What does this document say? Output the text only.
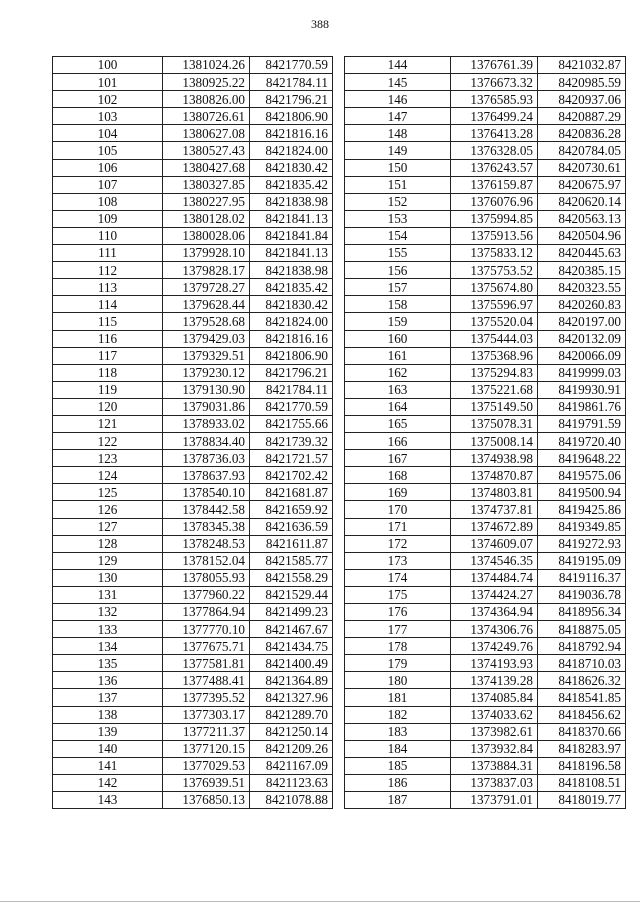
388
100	1381024.26	8421770.59
101	1380925.22	8421784.11
102	1380826.00	8421796.21
103	1380726.61	8421806.90
104	1380627.08	8421816.16
105	1380527.43	8421824.00
106	1380427.68	8421830.42
107	1380327.85	8421835.42
108	1380227.95	8421838.98
109	1380128.02	8421841.13
110	1380028.06	8421841.84
111	1379928.10	8421841.13
112	1379828.17	8421838.98
113	1379728.27	8421835.42
114	1379628.44	8421830.42
115	1379528.68	8421824.00
116	1379429.03	8421816.16
117	1379329.51	8421806.90
118	1379230.12	8421796.21
119	1379130.90	8421784.11
120	1379031.86	8421770.59
121	1378933.02	8421755.66
122	1378834.40	8421739.32
123	1378736.03	8421721.57
124	1378637.93	8421702.42
125	1378540.10	8421681.87
126	1378442.58	8421659.92
127	1378345.38	8421636.59
128	1378248.53	8421611.87
129	1378152.04	8421585.77
130	1378055.93	8421558.29
131	1377960.22	8421529.44
132	1377864.94	8421499.23
133	1377770.10	8421467.67
134	1377675.71	8421434.75
135	1377581.81	8421400.49
136	1377488.41	8421364.89
137	1377395.52	8421327.96
138	1377303.17	8421289.70
139	1377211.37	8421250.14
140	1377120.15	8421209.26
141	1377029.53	8421167.09
142	1376939.51	8421123.63
143	1376850.13	8421078.88
144	1376761.39	8421032.87
145	1376673.32	8420985.59
146	1376585.93	8420937.06
147	1376499.24	8420887.29
148	1376413.28	8420836.28
149	1376328.05	8420784.05
150	1376243.57	8420730.61
151	1376159.87	8420675.97
152	1376076.96	8420620.14
153	1375994.85	8420563.13
154	1375913.56	8420504.96
155	1375833.12	8420445.63
156	1375753.52	8420385.15
157	1375674.80	8420323.55
158	1375596.97	8420260.83
159	1375520.04	8420197.00
160	1375444.03	8420132.09
161	1375368.96	8420066.09
162	1375294.83	8419999.03
163	1375221.68	8419930.91
164	1375149.50	8419861.76
165	1375078.31	8419791.59
166	1375008.14	8419720.40
167	1374938.98	8419648.22
168	1374870.87	8419575.06
169	1374803.81	8419500.94
170	1374737.81	8419425.86
171	1374672.89	8419349.85
172	1374609.07	8419272.93
173	1374546.35	8419195.09
174	1374484.74	8419116.37
175	1374424.27	8419036.78
176	1374364.94	8418956.34
177	1374306.76	8418875.05
178	1374249.76	8418792.94
179	1374193.93	8418710.03
180	1374139.28	8418626.32
181	1374085.84	8418541.85
182	1374033.62	8418456.62
183	1373982.61	8418370.66
184	1373932.84	8418283.97
185	1373884.31	8418196.58
186	1373837.03	8418108.51
187	1373791.01	8418019.77
